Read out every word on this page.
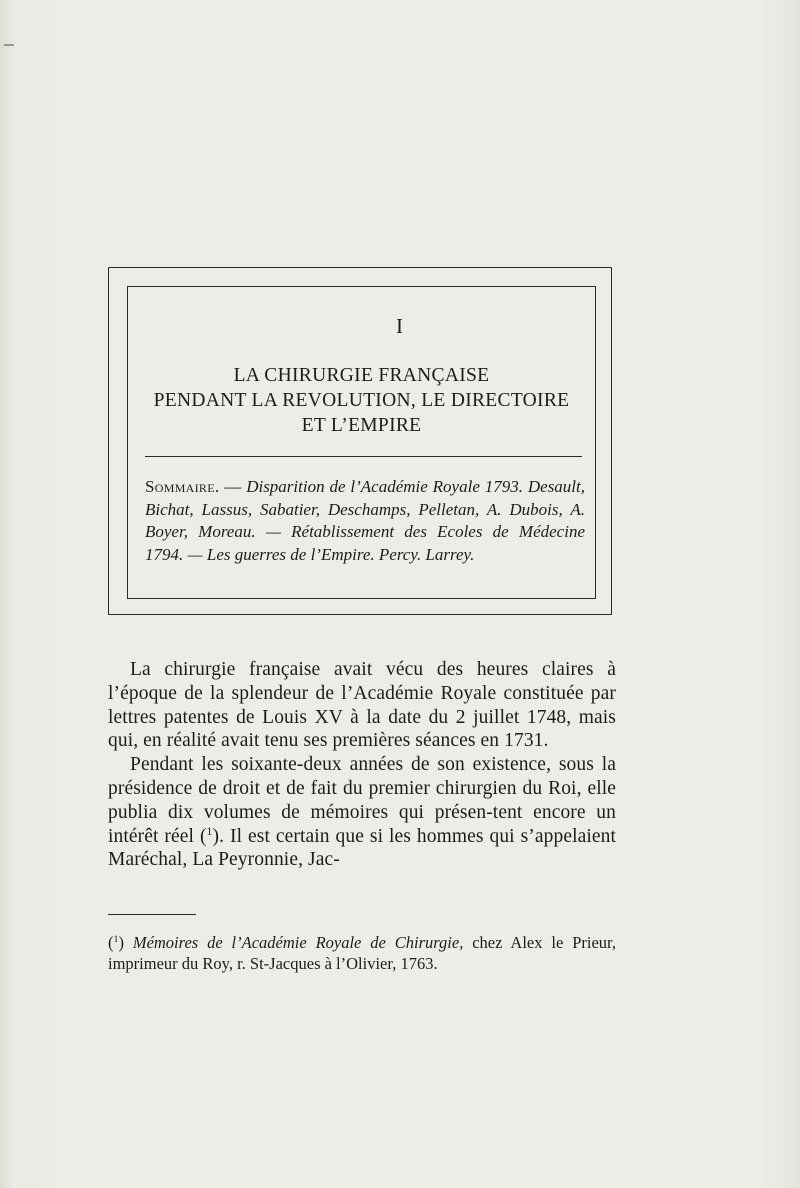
I
LA CHIRURGIE FRANÇAISE
PENDANT LA REVOLUTION, LE DIRECTOIRE
ET L’EMPIRE
Sommaire. — Disparition de l’Académie Royale 1793. Desault, Bichat, Lassus, Sabatier, Deschamps, Pelletan, A. Dubois, A. Boyer, Moreau. — Rétablissement des Ecoles de Médecine 1794. — Les guerres de l’Empire. Percy. Larrey.

La chirurgie française avait vécu des heures claires à l’époque de la splendeur de l’Académie Royale constituée par lettres patentes de Louis XV à la date du 2 juillet 1748, mais qui, en réalité avait tenu ses premières séances en 1731.

Pendant les soixante-deux années de son existence, sous la présidence de droit et de fait du premier chirurgien du Roi, elle publia dix volumes de mémoires qui présen-tent encore un intérêt réel ($^1$). Il est certain que si les hommes qui s’appelaient Maréchal, La Peyronnie, Jac-

($^1$) Mémoires de l’Académie Royale de Chirurgie, chez Alex le Prieur, imprimeur du Roy, r. St-Jacques à l’Olivier, 1763.
